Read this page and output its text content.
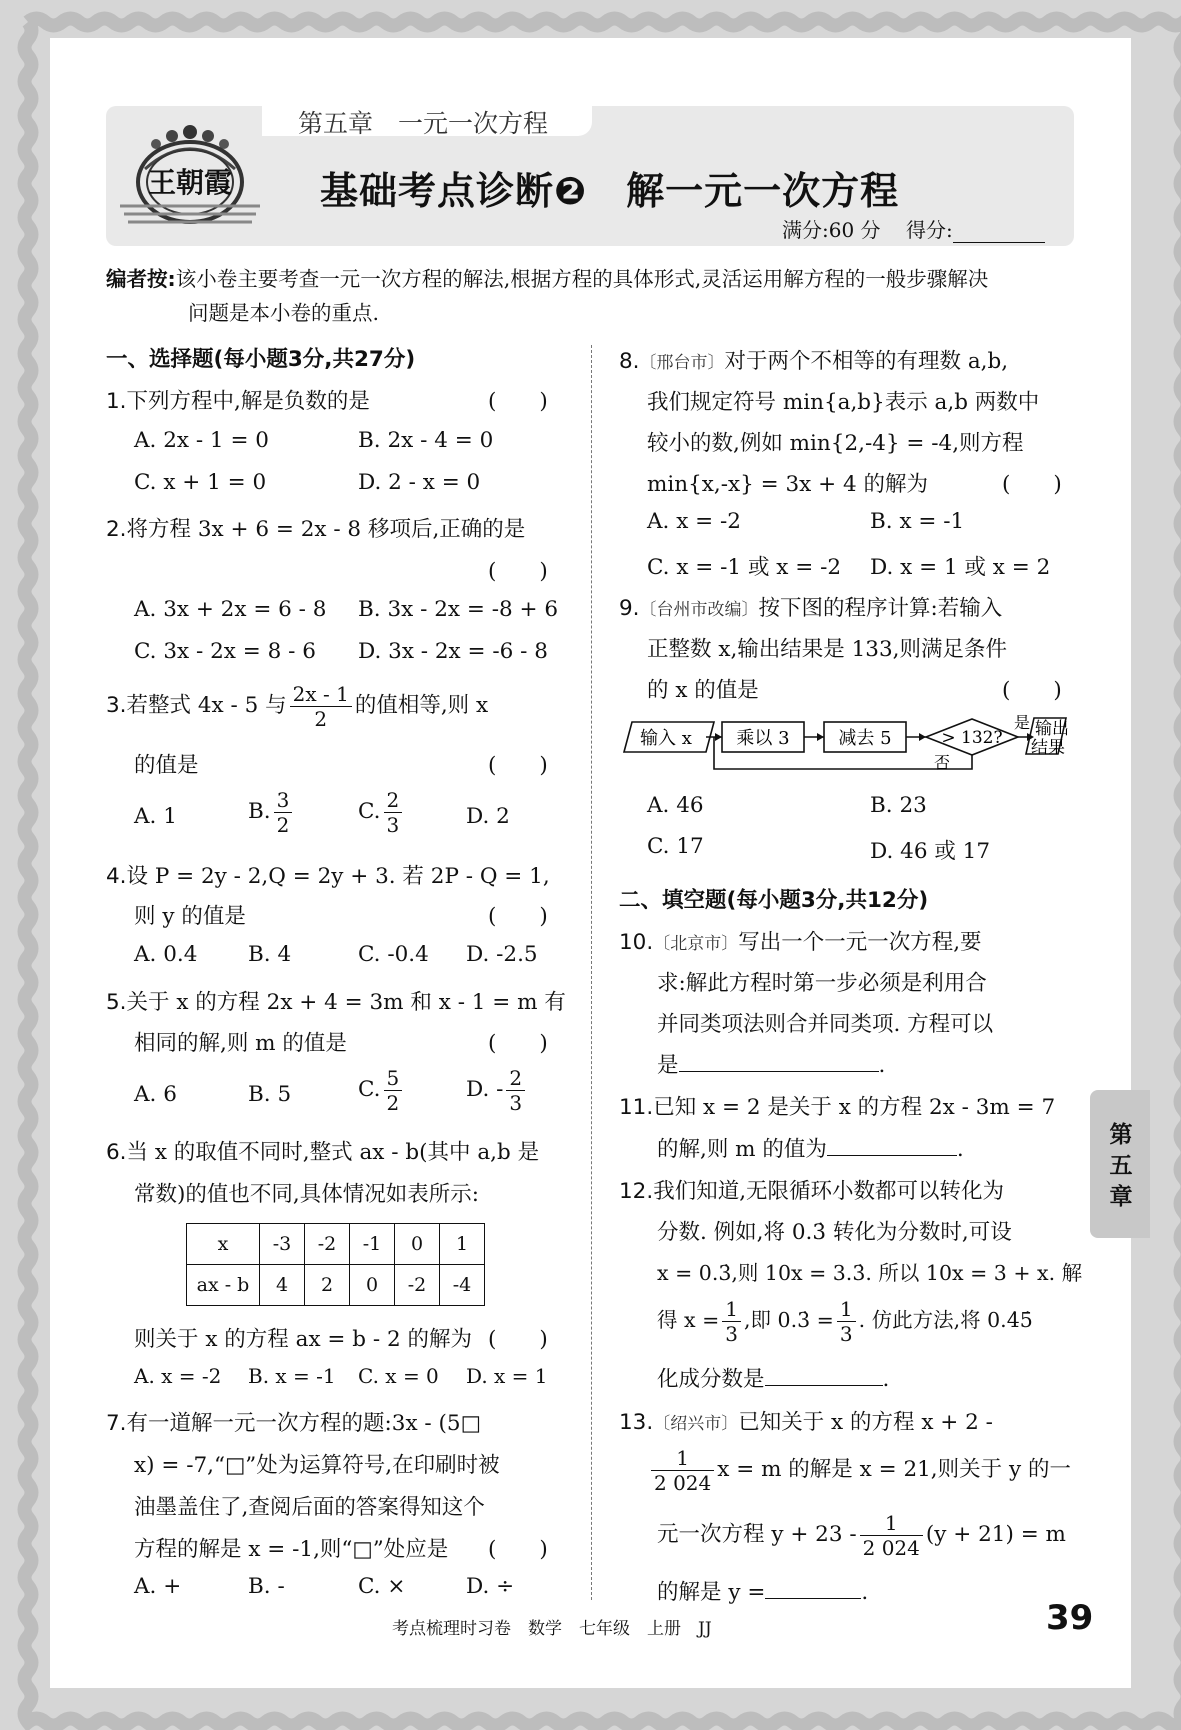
第五章　一元一次方程
王朝霞 基础考点诊断❷　解一元一次方程
满分:60 分 得分:
编者按:该小卷主要考查一元一次方程的解法,根据方程的具体形式,灵活运用解方程的一般步骤解决
问题是本小卷的重点.
一、选择题(每小题3分,共27分)
1.下列方程中,解是负数的是	(　　)
A. 2x - 1 = 0	B. 2x - 4 = 0
C. x + 1 = 0	D. 2 - x = 0
2.将方程 3x + 6 = 2x - 8 移项后,正确的是
(　　)
A. 3x + 2x = 6 - 8 B. 3x - 2x = -8 + 6
C. 3x - 2x = 8 - 6 D. 3x - 2x = -6 - 8
3.若整式 4x - 5 与 $\frac{2x - 1}{2}$ 的值相等,则 x
的值是	(　　)
A. 1	B. $\frac{3}{2}$	C. $\frac{2}{3}$	D. 2
4.设 P = 2y - 2,Q = 2y + 3. 若 2P - Q = 1,
则 y 的值是	(　　)
A. 0.4 B. 4	C. -0.4 D. -2.5
5.关于 x 的方程 2x + 4 = 3m 和 x - 1 = m 有
相同的解,则 m 的值是	(　　)
A. 6	B. 5	C. $\frac{5}{2}$	D. - $\frac{2}{3}$
6.当 x 的取值不同时,整式 ax - b(其中 a,b 是
常数)的值也不同,具体情况如表所示:
x	-3	-2	-1	0	1
ax - b	4	2	0	-2	-4
则关于 x 的方程 ax = b - 2 的解为 (　　)
A. x = -2 B. x = -1 C. x = 0 D. x = 1
7.有一道解一元一次方程的题:3x - (5□
x) = -7,“□”处为运算符号,在印刷时被
油墨盖住了,查阅后面的答案得知这个
方程的解是 x = -1,则“□”处应是 (　　)
A. +	B. -	C. ×	D. ÷
8.〔邢台市〕对于两个不相等的有理数 a,b,
我们规定符号 min{a,b}表示 a,b 两数中
较小的数,例如 min{2,-4} = -4,则方程
min{x,-x} = 3x + 4 的解为	(　　)
A. x = -2	B. x = -1
C. x = -1 或 x = -2 D. x = 1 或 x = 2
9.〔台州市改编〕按下图的程序计算:若输入
正整数 x,输出结果是 133,则满足条件
的 x 的值是	(　　)
输入 x 乘以 3	减去 5	> 132?
是
否
输出
结果
A. 46	B. 23
C. 17	D. 46 或 17
二、填空题(每小题3分,共12分)
10.〔北京市〕写出一个一元一次方程,要
求:解此方程时第一步必须是利用合
并同类项法则合并同类项. 方程可以
是	.
11.已知 x = 2 是关于 x 的方程 2x - 3m = 7
的解,则 m 的值为	.
12.我们知道,无限循环小数都可以转化为
分数. 例如,将 0.3̇ 转化为分数时,可设
x = 0.3̇,则 10x = 3.3̇. 所以 10x = 3 + x. 解
得 $x = \frac{1}{3}$ ,即 0.3̇ = $\frac{1}{3}$ . 仿此方法,将 0.4̇5̇
化成分数是	.
13.〔绍兴市〕已知关于 x 的方程 x + 2 -
$\frac{1}{2 024}$ x = m 的解是 x = 21,则关于 y 的一
元一次方程 $y + 23 - \frac{1}{2 024} (y + 21) = m$
的解是 y =	.
第五章
考点梳理时习卷　数学　七年级　上册　JJ	39
